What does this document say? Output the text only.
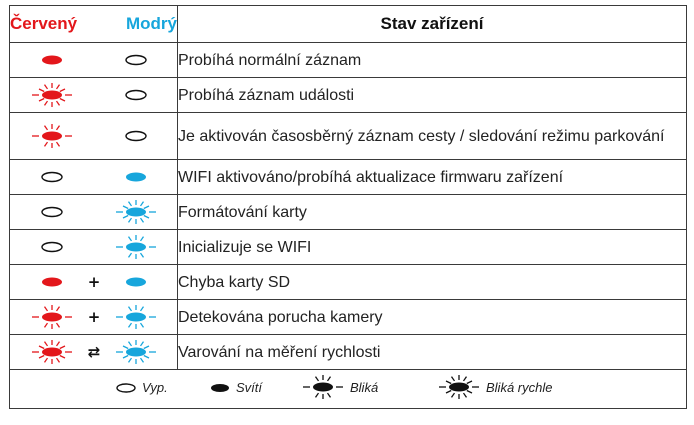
Červený	Modrý	Stav zařízení

	Probíhá normální záznam

	Probíhá záznam události

	Je aktivován časosběrný záznam cesty / sledování režimu parkování

	WIFI aktivováno/probíhá aktualizace firmwaru zařízení

	Formátování karty

	Inicializuje se WIFI

+		Chyba karty SD

+		Detekována porucha kamery

⇄		Varování na měření rychlosti

Vyp. Svítí Bliká Bliká rychle		
